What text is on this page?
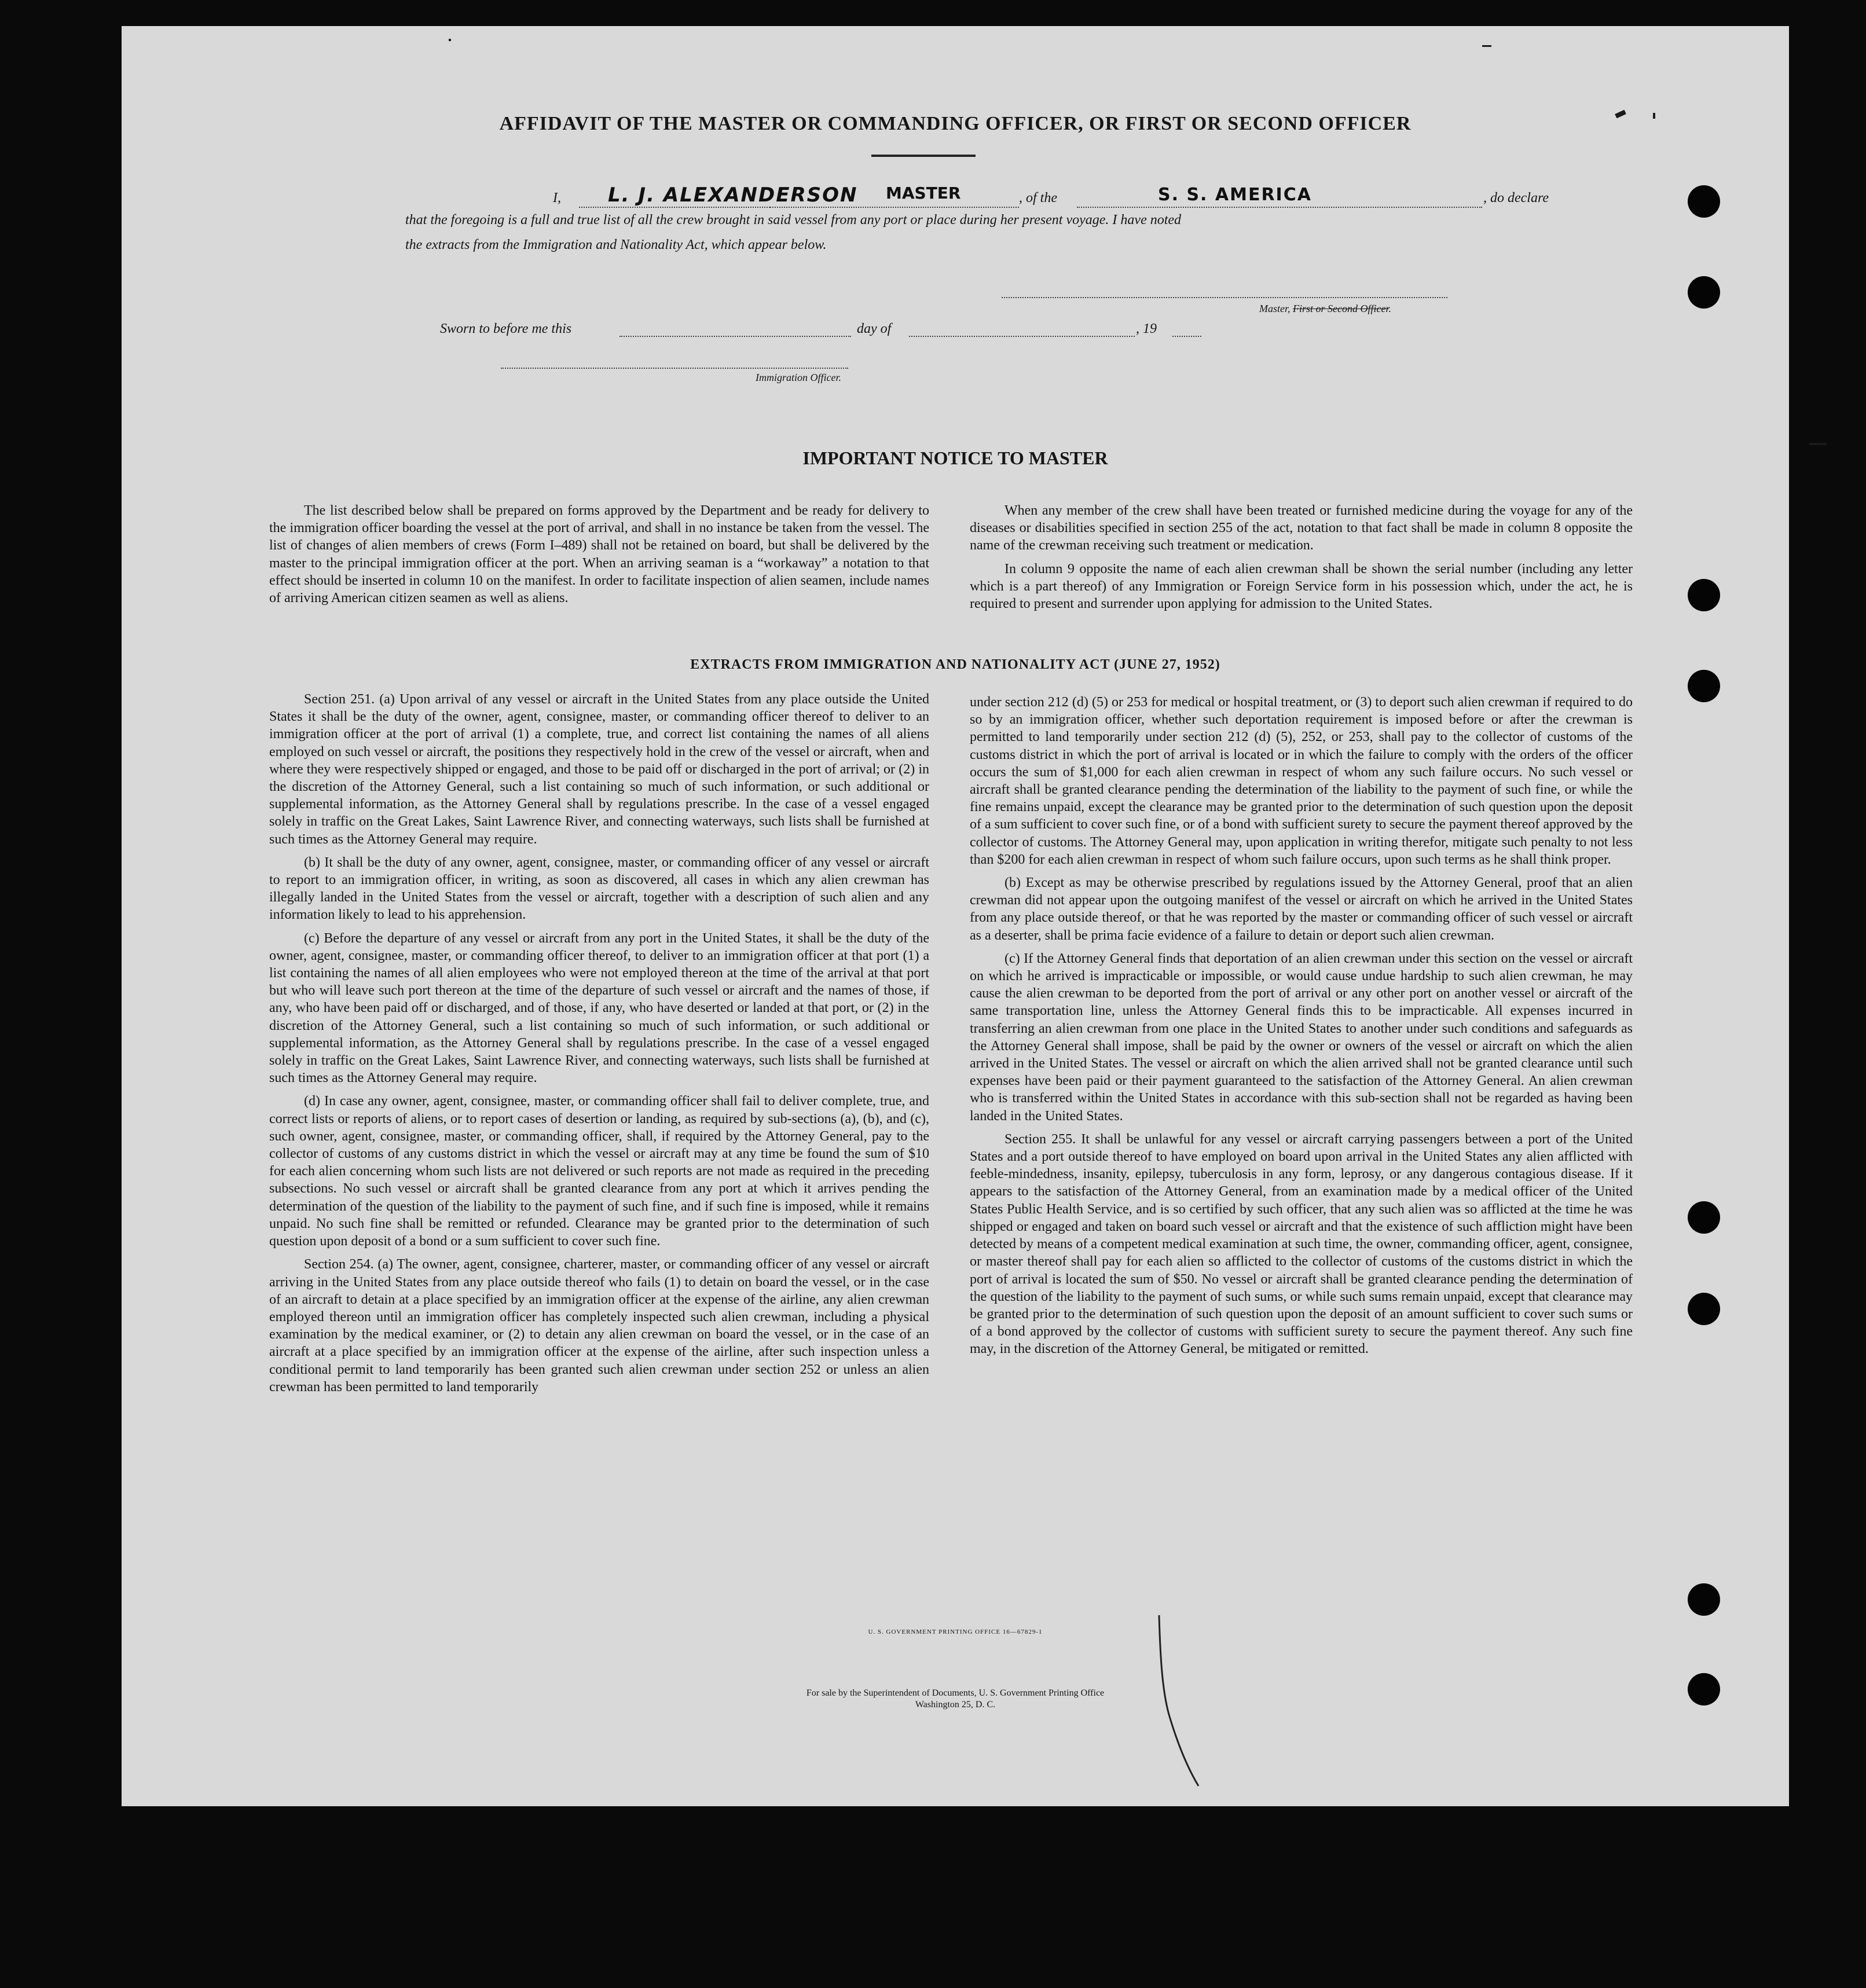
AFFIDAVIT OF THE MASTER OR COMMANDING OFFICER, OR FIRST OR SECOND OFFICER
I, L. J. ALEXANDERSON MASTER	, of the	S. S. AMERICA	, do declare
that the foregoing is a full and true list of all the crew brought in said vessel from any port or place during her present voyage. I have noted
the extracts from the Immigration and Nationality Act, which appear below.
Master, First or Second Officer.
Sworn to before me this	day of	, 19
Immigration Officer.
IMPORTANT NOTICE TO MASTER

The list described below shall be prepared on forms approved by the Department and be ready for delivery to the immigration officer boarding the vessel at the port of arrival, and shall in no instance be taken from the vessel. The list of changes of alien members of crews (Form I–489) shall not be retained on board, but shall be delivered by the master to the principal immigration officer at the port. When an arriving seaman is a “workaway” a notation to that effect should be inserted in column 10 on the manifest. In order to facilitate inspection of alien seamen, include names of arriving American citizen seamen as well as aliens.

When any member of the crew shall have been treated or furnished medicine during the voyage for any of the diseases or disabilities specified in section 255 of the act, notation to that fact shall be made in column 8 opposite the name of the crewman receiving such treatment or medication.

In column 9 opposite the name of each alien crewman shall be shown the serial number (including any letter which is a part thereof) of any Immigration or Foreign Service form in his possession which, under the act, he is required to present and surrender upon applying for admission to the United States.

EXTRACTS FROM IMMIGRATION AND NATIONALITY ACT (JUNE 27, 1952)

Section 251. (a) Upon arrival of any vessel or aircraft in the United States from any place outside the United States it shall be the duty of the owner, agent, consignee, master, or commanding officer thereof to deliver to an immigration officer at the port of arrival (1) a complete, true, and correct list containing the names of all aliens employed on such vessel or aircraft, the positions they respectively hold in the crew of the vessel or aircraft, when and where they were respectively shipped or engaged, and those to be paid off or discharged in the port of arrival; or (2) in the discretion of the Attorney General, such a list containing so much of such information, or such additional or supplemental information, as the Attorney General shall by regulations prescribe. In the case of a vessel engaged solely in traffic on the Great Lakes, Saint Lawrence River, and connecting waterways, such lists shall be furnished at such times as the Attorney General may require.

(b) It shall be the duty of any owner, agent, consignee, master, or commanding officer of any vessel or aircraft to report to an immigration officer, in writing, as soon as discovered, all cases in which any alien crewman has illegally landed in the United States from the vessel or aircraft, together with a description of such alien and any information likely to lead to his apprehension.

(c) Before the departure of any vessel or aircraft from any port in the United States, it shall be the duty of the owner, agent, consignee, master, or commanding officer thereof, to deliver to an immigration officer at that port (1) a list containing the names of all alien employees who were not employed thereon at the time of the arrival at that port but who will leave such port thereon at the time of the departure of such vessel or aircraft and the names of those, if any, who have been paid off or discharged, and of those, if any, who have deserted or landed at that port, or (2) in the discretion of the Attorney General, such a list containing so much of such information, or such additional or supplemental information, as the Attorney General shall by regulations prescribe. In the case of a vessel engaged solely in traffic on the Great Lakes, Saint Lawrence River, and connecting waterways, such lists shall be furnished at such times as the Attorney General may require.

(d) In case any owner, agent, consignee, master, or commanding officer shall fail to deliver complete, true, and correct lists or reports of aliens, or to report cases of desertion or landing, as required by sub-sections (a), (b), and (c), such owner, agent, consignee, master, or commanding officer, shall, if required by the Attorney General, pay to the collector of customs of any customs district in which the vessel or aircraft may at any time be found the sum of $10 for each alien concerning whom such lists are not delivered or such reports are not made as required in the preceding subsections. No such vessel or aircraft shall be granted clearance from any port at which it arrives pending the determination of the question of the liability to the payment of such fine, and if such fine is imposed, while it remains unpaid. No such fine shall be remitted or refunded. Clearance may be granted prior to the determination of such question upon deposit of a bond or a sum sufficient to cover such fine.

Section 254. (a) The owner, agent, consignee, charterer, master, or commanding officer of any vessel or aircraft arriving in the United States from any place outside thereof who fails (1) to detain on board the vessel, or in the case of an aircraft to detain at a place specified by an immigration officer at the expense of the airline, any alien crewman employed thereon until an immigration officer has completely inspected such alien crewman, including a physical examination by the medical examiner, or (2) to detain any alien crewman on board the vessel, or in the case of an aircraft at a place specified by an immigration officer at the expense of the airline, after such inspection unless a conditional permit to land temporarily has been granted such alien crewman under section 252 or unless an alien crewman has been permitted to land temporarily

under section 212 (d) (5) or 253 for medical or hospital treatment, or (3) to deport such alien crewman if required to do so by an immigration officer, whether such deportation requirement is imposed before or after the crewman is permitted to land temporarily under section 212 (d) (5), 252, or 253, shall pay to the collector of customs of the customs district in which the port of arrival is located or in which the failure to comply with the orders of the officer occurs the sum of $1,000 for each alien crewman in respect of whom any such failure occurs. No such vessel or aircraft shall be granted clearance pending the determination of the liability to the payment of such fine, or while the fine remains unpaid, except the clearance may be granted prior to the determination of such question upon the deposit of a sum sufficient to cover such fine, or of a bond with sufficient surety to secure the payment thereof approved by the collector of customs. The Attorney General may, upon application in writing therefor, mitigate such penalty to not less than $200 for each alien crewman in respect of whom such failure occurs, upon such terms as he shall think proper.

(b) Except as may be otherwise prescribed by regulations issued by the Attorney General, proof that an alien crewman did not appear upon the outgoing manifest of the vessel or aircraft on which he arrived in the United States from any place outside thereof, or that he was reported by the master or commanding officer of such vessel or aircraft as a deserter, shall be prima facie evidence of a failure to detain or deport such alien crewman.

(c) If the Attorney General finds that deportation of an alien crewman under this section on the vessel or aircraft on which he arrived is impracticable or impossible, or would cause undue hardship to such alien crewman, he may cause the alien crewman to be deported from the port of arrival or any other port on another vessel or aircraft of the same transportation line, unless the Attorney General finds this to be impracticable. All expenses incurred in transferring an alien crewman from one place in the United States to another under such conditions and safeguards as the Attorney General shall impose, shall be paid by the owner or owners of the vessel or aircraft on which the alien arrived in the United States. The vessel or aircraft on which the alien arrived shall not be granted clearance until such expenses have been paid or their payment guaranteed to the satisfaction of the Attorney General. An alien crewman who is transferred within the United States in accordance with this sub-section shall not be regarded as having been landed in the United States.

Section 255. It shall be unlawful for any vessel or aircraft carrying passengers between a port of the United States and a port outside thereof to have employed on board upon arrival in the United States any alien afflicted with feeble-mindedness, insanity, epilepsy, tuberculosis in any form, leprosy, or any dangerous contagious disease. If it appears to the satisfaction of the Attorney General, from an examination made by a medical officer of the United States Public Health Service, and is so certified by such officer, that any such alien was so afflicted at the time he was shipped or engaged and taken on board such vessel or aircraft and that the existence of such affliction might have been detected by means of a competent medical examination at such time, the owner, commanding officer, agent, consignee, or master thereof shall pay for each alien so afflicted to the collector of customs of the customs district in which the port of arrival is located the sum of $50. No vessel or aircraft shall be granted clearance pending the determination of the question of the liability to the payment of such sums, or while such sums remain unpaid, except that clearance may be granted prior to the determination of such question upon the deposit of an amount sufficient to cover such sums or of a bond approved by the collector of customs with sufficient surety to secure the payment thereof. Any such fine may, in the discretion of the Attorney General, be mitigated or remitted.

U. S. GOVERNMENT PRINTING OFFICE 16—67829-1
For sale by the Superintendent of Documents, U. S. Government Printing Office
Washington 25, D. C.
